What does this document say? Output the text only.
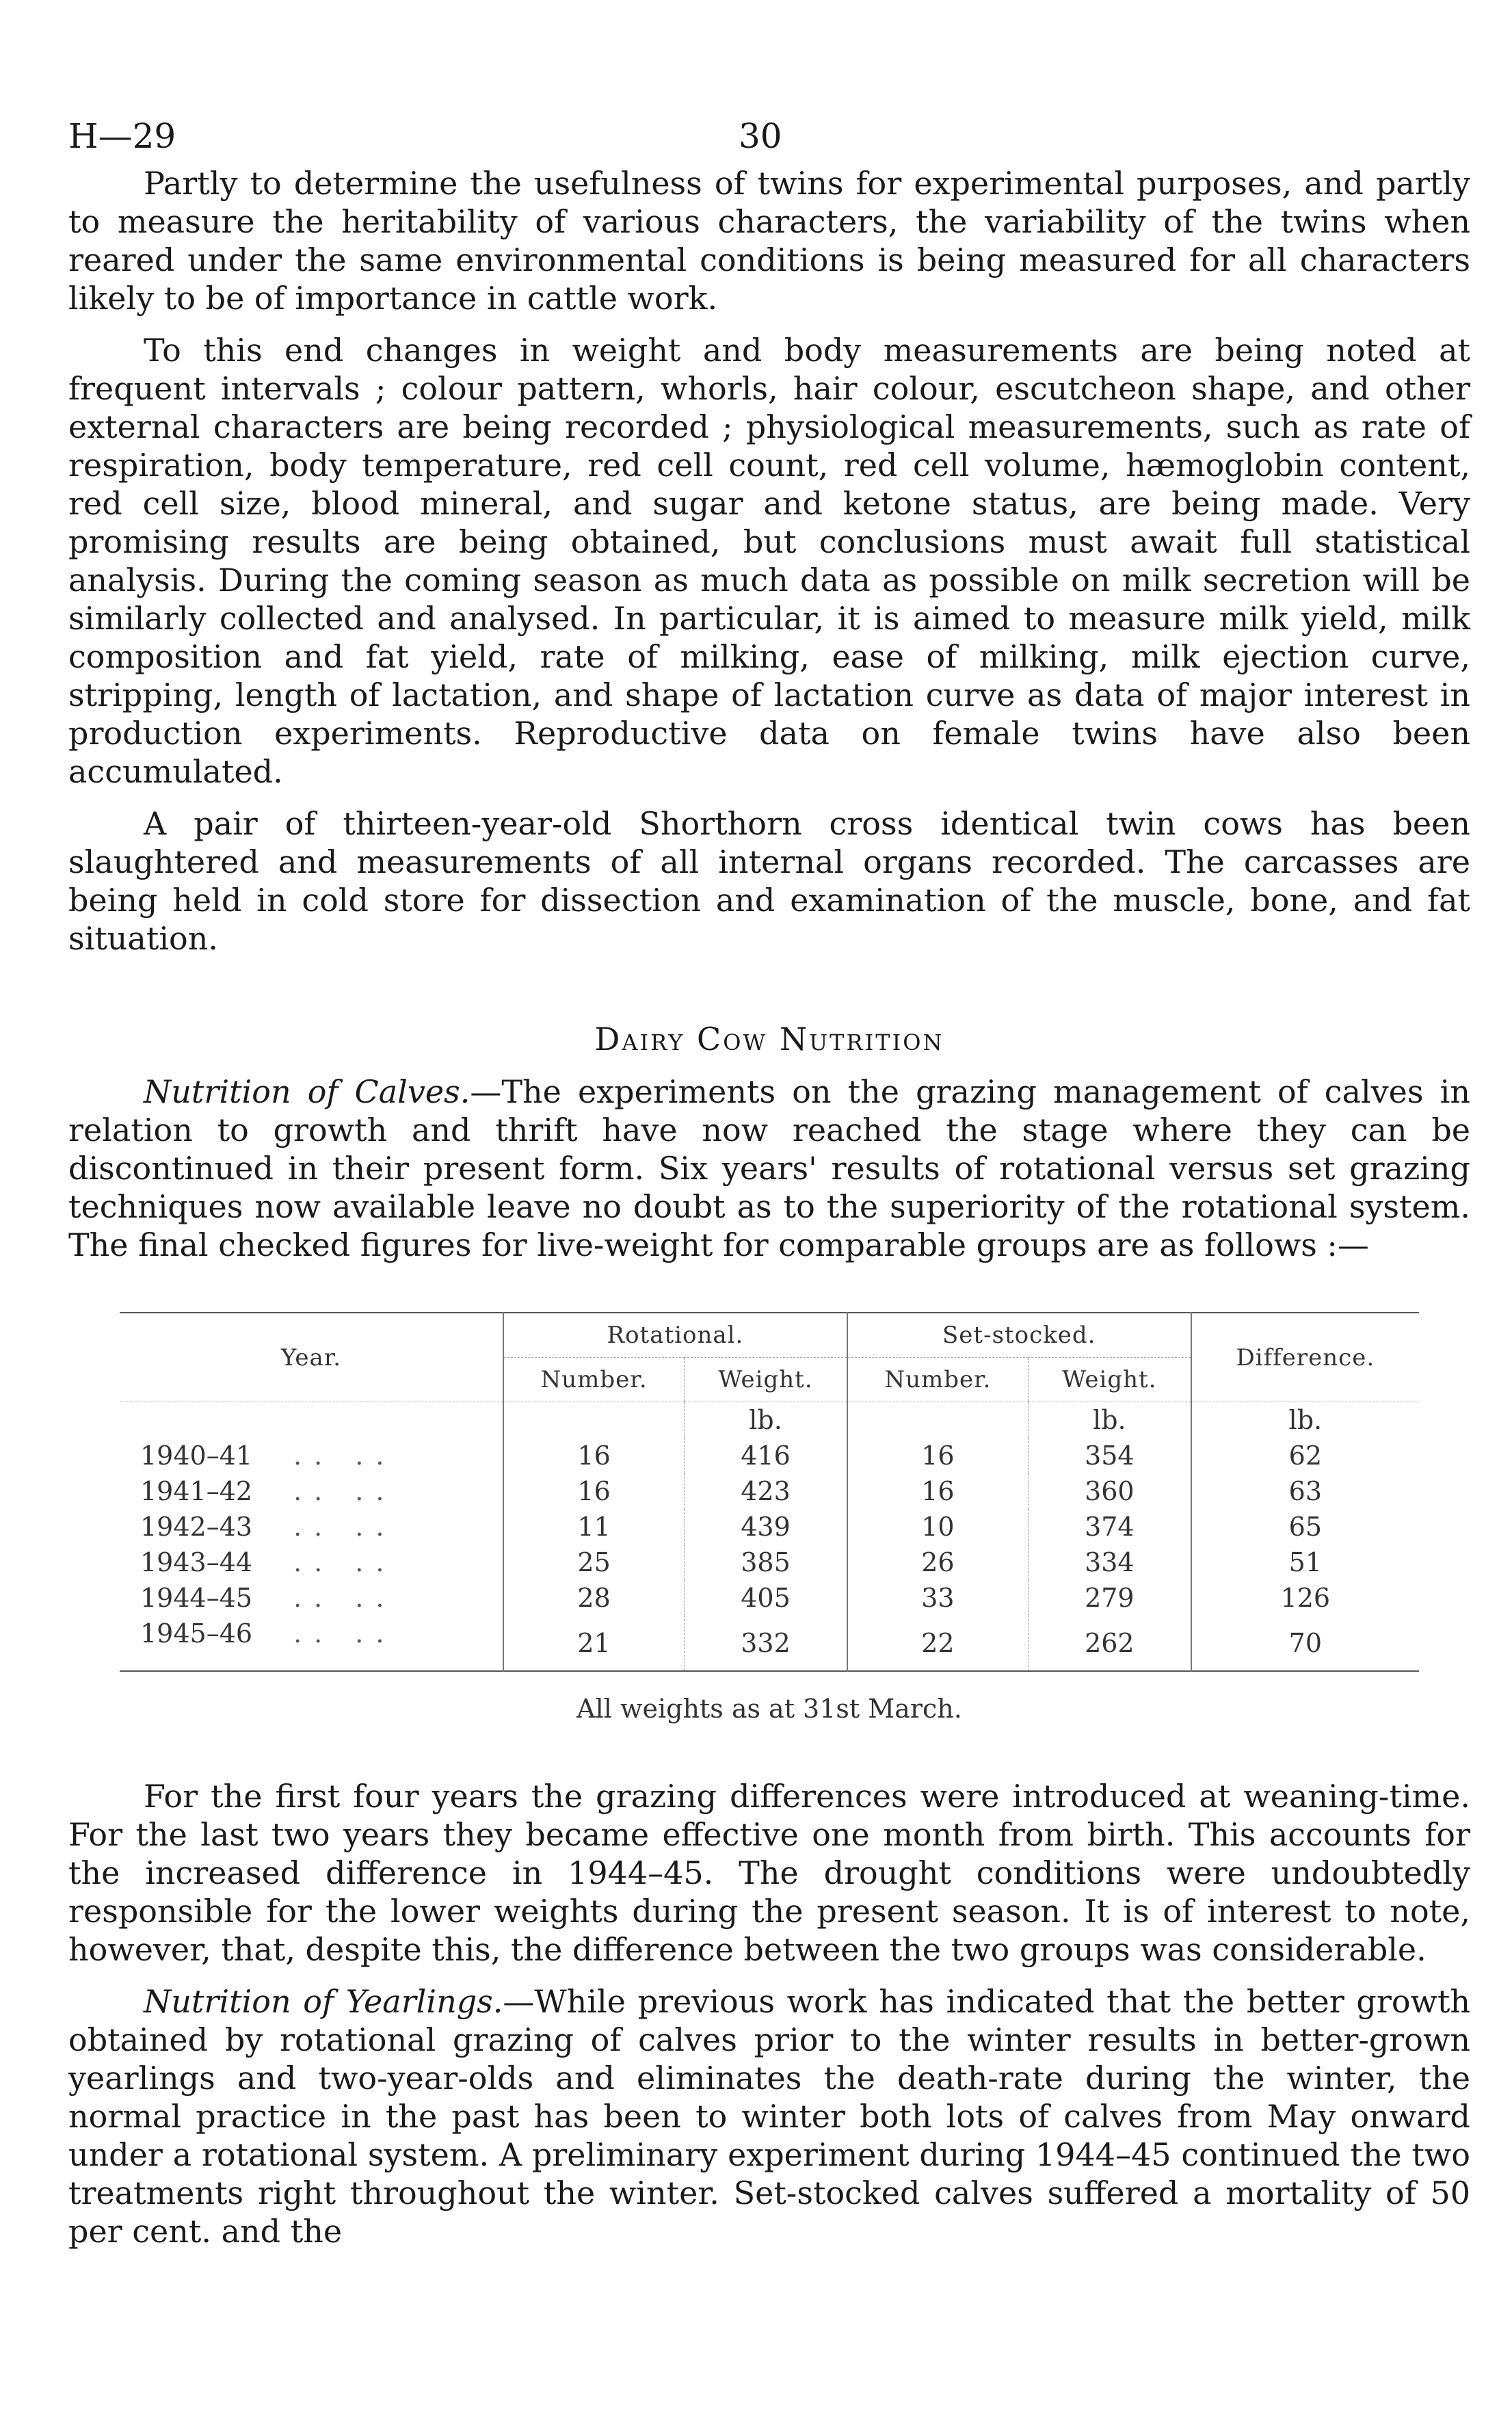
H—29	30

Partly to determine the usefulness of twins for experimental purposes, and partly to measure the heritability of various characters, the variability of the twins when reared under the same environmental conditions is being measured for all characters likely to be of importance in cattle work.

To this end changes in weight and body measurements are being noted at frequent intervals ; colour pattern, whorls, hair colour, escutcheon shape, and other external characters are being recorded ; physiological measurements, such as rate of respiration, body temperature, red cell count, red cell volume, hæmoglobin content, red cell size, blood mineral, and sugar and ketone status, are being made. Very promising results are being obtained, but conclusions must await full statistical analysis. During the coming season as much data as possible on milk secretion will be similarly collected and analysed. In particular, it is aimed to measure milk yield, milk composition and fat yield, rate of milking, ease of milking, milk ejection curve, stripping, length of lactation, and shape of lactation curve as data of major interest in production experiments. Reproductive data on female twins have also been accumulated.

A pair of thirteen-year-old Shorthorn cross identical twin cows has been slaughtered and measurements of all internal organs recorded. The carcasses are being held in cold store for dissection and examination of the muscle, bone, and fat situation.

Dairy Cow Nutrition

Nutrition of Calves.—The experiments on the grazing management of calves in relation to growth and thrift have now reached the stage where they can be discontinued in their present form. Six years' results of rotational versus set grazing techniques now available leave no doubt as to the superiority of the rotational system. The final checked figures for live-weight for comparable groups are as follows :—

Year.	Rotational.		Set-stocked.		Difference.
	Number.	Weight.	Number.	Weight.	
		lb.		lb.	lb.
1940–41 .. ..	16	416	16	354	62
1941–42 .. ..	16	423	16	360	63
1942–43 .. ..	11	439	10	374	65
1943–44 .. ..	25	385	26	334	51
1944–45 .. ..	28	405	33	279	126
1945–46 .. ..	21	332	22	262	70
All weights as at 31st March.

For the first four years the grazing differences were introduced at weaning-time. For the last two years they became effective one month from birth. This accounts for the increased difference in 1944–45. The drought conditions were undoubtedly responsible for the lower weights during the present season. It is of interest to note, however, that, despite this, the difference between the two groups was considerable.

Nutrition of Yearlings.—While previous work has indicated that the better growth obtained by rotational grazing of calves prior to the winter results in better-grown yearlings and two-year-olds and eliminates the death-rate during the winter, the normal practice in the past has been to winter both lots of calves from May onward under a rotational system. A preliminary experiment during 1944–45 continued the two treatments right throughout the winter. Set-stocked calves suffered a mortality of 50 per cent. and the
